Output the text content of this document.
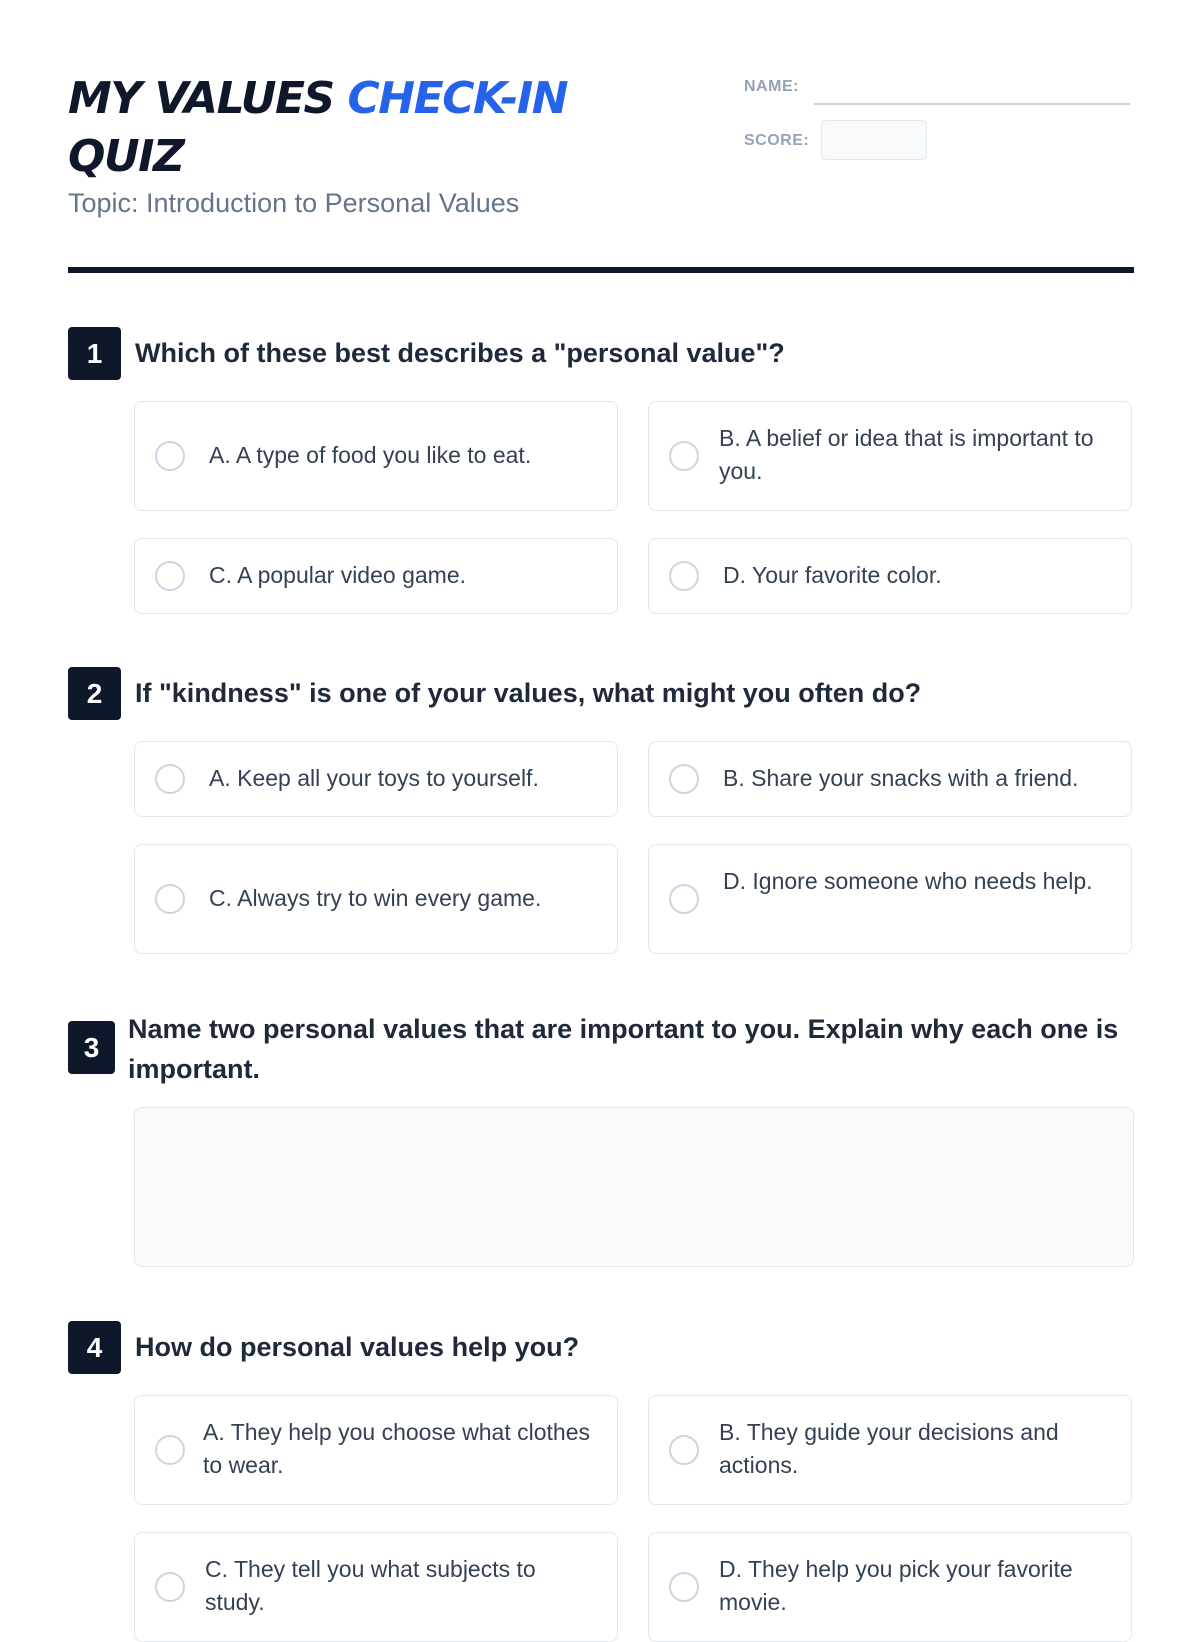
MY VALUES CHECK-IN
QUIZ
Topic: Introduction to Personal Values
NAME:
SCORE:
1	Which of these best describes a "personal value"?
A. A type of food you like to eat.
B. A belief or idea that is important to you.
C. A popular video game.	D. Your favorite color.
2	If "kindness" is one of your values, what might you often do?
A. Keep all your toys to yourself.	B. Share your snacks with a friend.
C. Always try to win every game.
D. Ignore someone who needs help.
3
Name two personal values that are important to you. Explain why each one is important.
4	How do personal values help you?
A. They help you choose what clothes to wear.
B. They guide your decisions and actions.
C. They tell you what subjects to study.
D. They help you pick your favorite movie.
